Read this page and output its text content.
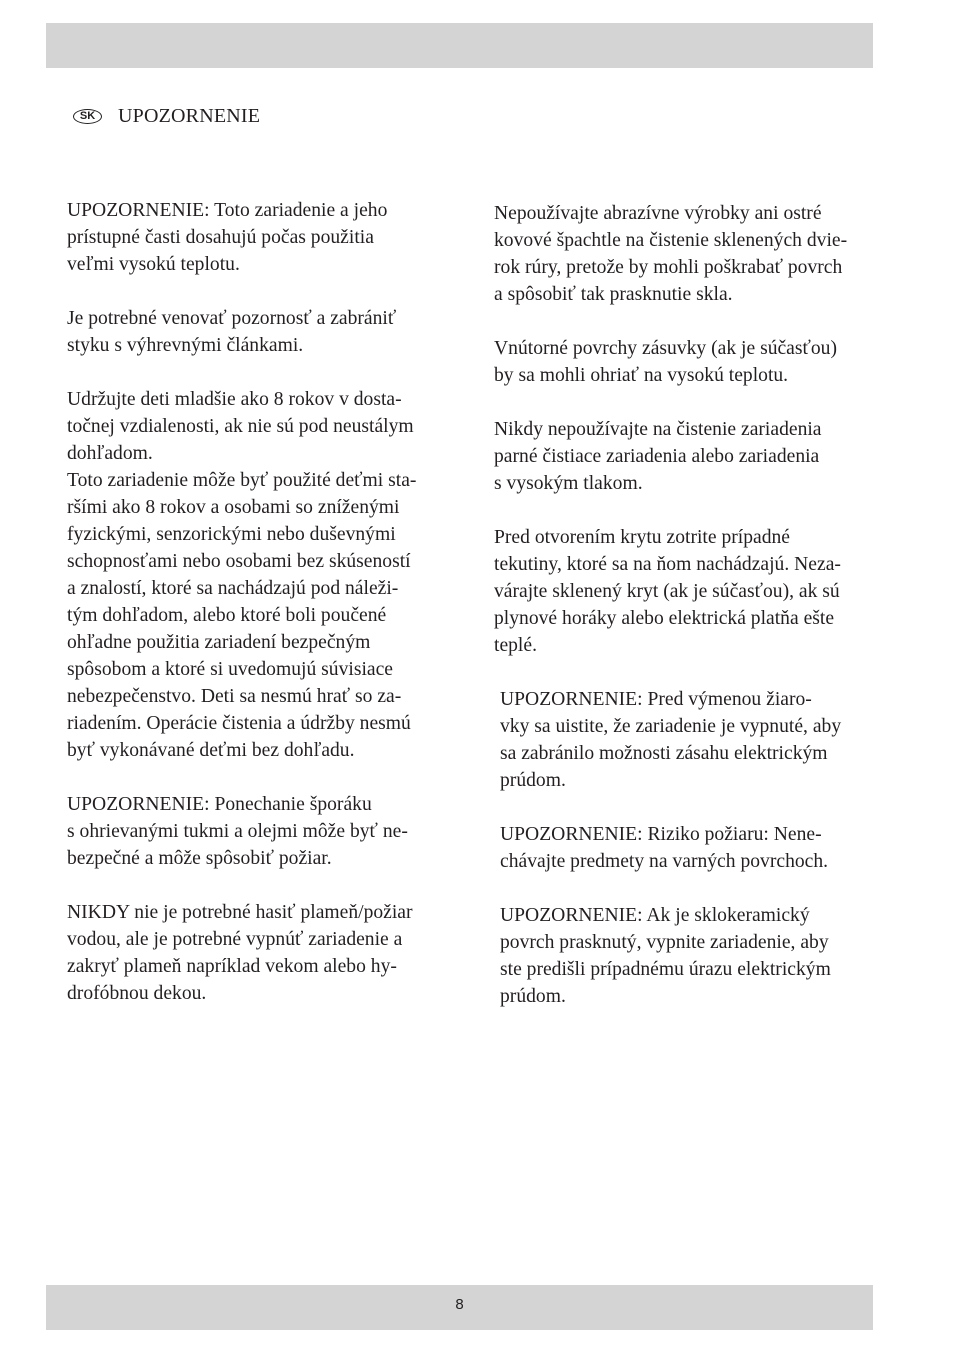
SK	UPOZORNENIE

UPOZORNENIE: Toto zariadenie a jeho
prístupné časti dosahujú počas použitia
veľmi vysokú teplotu.

Je potrebné venovať pozornosť a zabrániť
styku s výhrevnými článkami.

Udržujte deti mladšie ako 8 rokov v dosta-
točnej vzdialenosti, ak nie sú pod neustálym
dohľadom.

Toto zariadenie môže byť použité deťmi sta-
ršími ako 8 rokov a osobami so zníženými
fyzickými, senzorickými nebo duševnými
schopnosťami nebo osobami bez skúseností
a znalostí, ktoré sa nachádzajú pod náleži-
tým dohľadom, alebo ktoré boli poučené
ohľadne použitia zariadení bezpečným
spôsobom a ktoré si uvedomujú súvisiace
nebezpečenstvo. Deti sa nesmú hrať so za-
riadením. Operácie čistenia a údržby nesmú
byť vykonávané deťmi bez dohľadu.

UPOZORNENIE: Ponechanie šporáku
s ohrievanými tukmi a olejmi môže byť ne-
bezpečné a môže spôsobiť požiar.

NIKDY nie je potrebné hasiť plameň/požiar
vodou, ale je potrebné vypnúť zariadenie a
zakryť plameň napríklad vekom alebo hy-
drofóbnou dekou.

Nepoužívajte abrazívne výrobky ani ostré
kovové špachtle na čistenie sklenených dvie-
rok rúry, pretože by mohli poškrabať povrch
a spôsobiť tak prasknutie skla.

Vnútorné povrchy zásuvky (ak je súčasťou)
by sa mohli ohriať na vysokú teplotu.

Nikdy nepoužívajte na čistenie zariadenia
parné čistiace zariadenia alebo zariadenia
s vysokým tlakom.

Pred otvorením krytu zotrite prípadné
tekutiny, ktoré sa na ňom nachádzajú. Neza-
várajte sklenený kryt (ak je súčasťou), ak sú
plynové horáky alebo elektrická platňa ešte
teplé.

UPOZORNENIE: Pred výmenou žiaro-
vky sa uistite, že zariadenie je vypnuté, aby
sa zabránilo možnosti zásahu elektrickým
prúdom.

UPOZORNENIE: Riziko požiaru: Nene-
chávajte predmety na varných povrchoch.

UPOZORNENIE: Ak je sklokeramický
povrch prasknutý, vypnite zariadenie, aby
ste predišli prípadnému úrazu elektrickým
prúdom.

8
